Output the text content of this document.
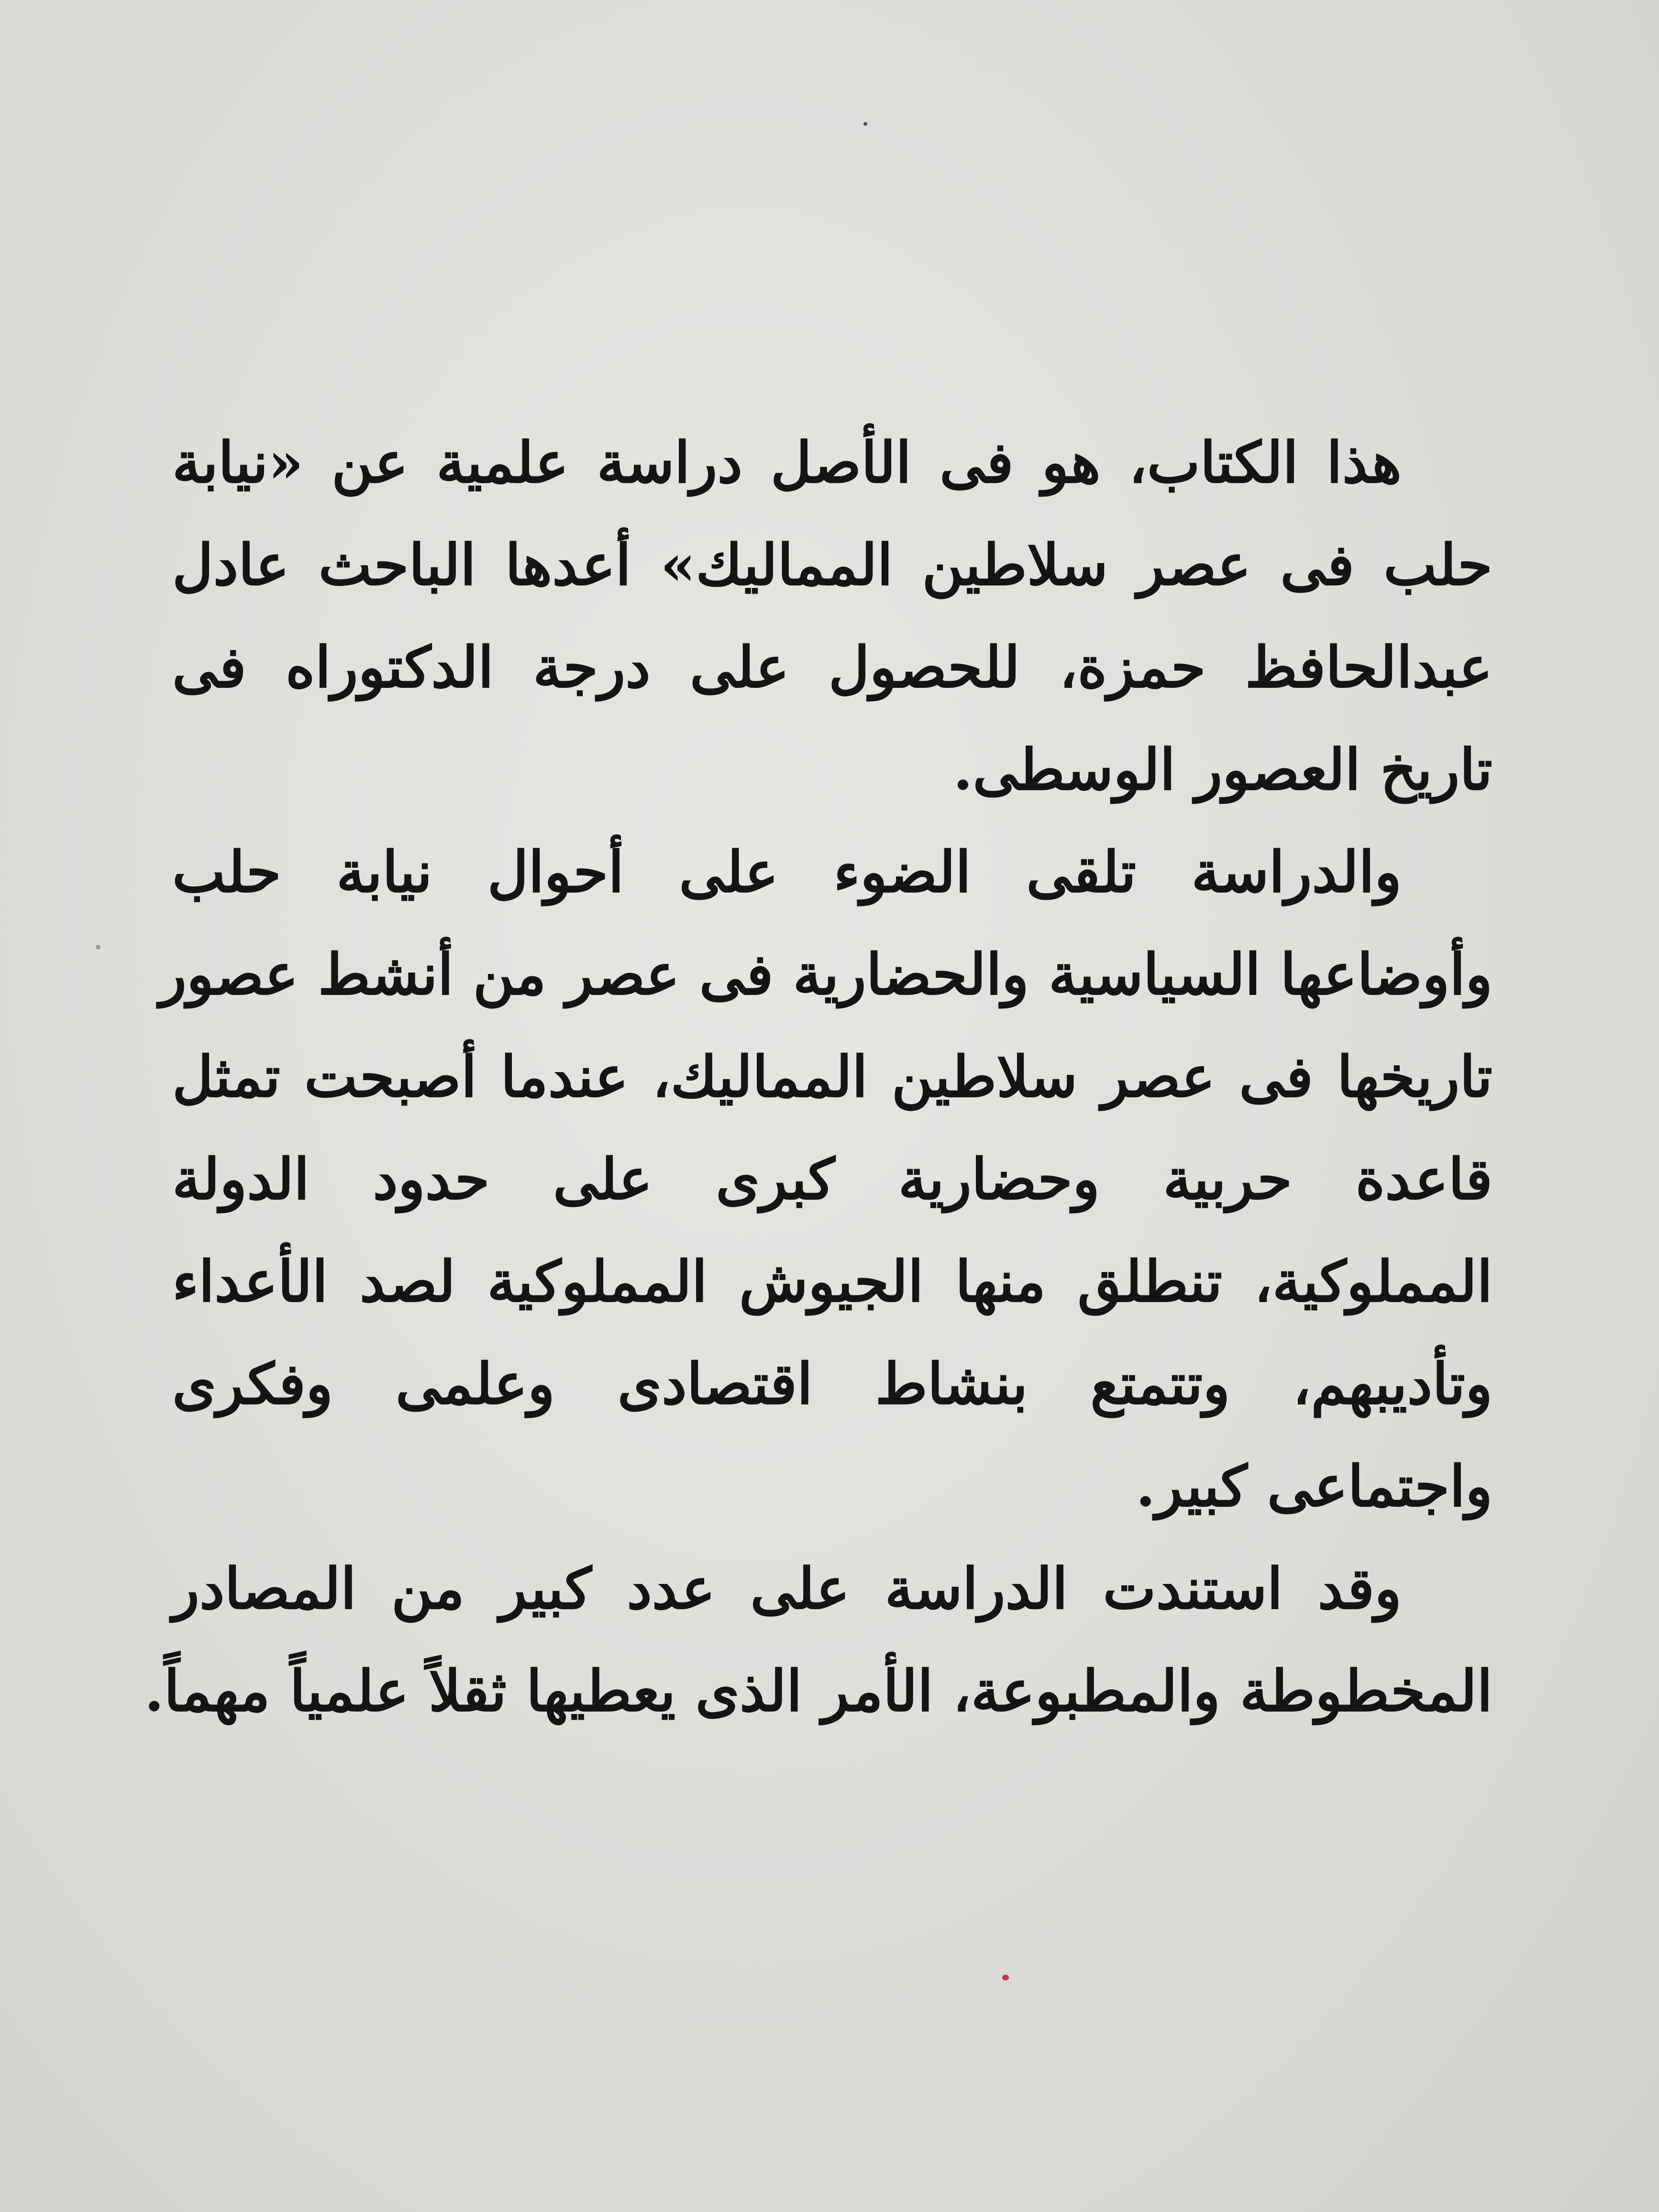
هذا الكتاب، هو فى الأصل دراسة علمية عن «نيابة
حلب فى عصر سلاطين المماليك» أعدها الباحث عادل
عبدالحافظ حمزة، للحصول على درجة الدكتوراه فى
تاريخ العصور الوسطى.
والدراسة تلقى الضوء على أحوال نيابة حلب
وأوضاعها السياسية والحضارية فى عصر من أنشط عصور
تاريخها فى عصر سلاطين المماليك، عندما أصبحت تمثل
قاعدة حربية وحضارية كبرى على حدود الدولة
المملوكية، تنطلق منها الجيوش المملوكية لصد الأعداء
وتأديبهم، وتتمتع بنشاط اقتصادى وعلمى وفكرى
واجتماعى كبير.
وقد استندت الدراسة على عدد كبير من المصادر
المخطوطة والمطبوعة، الأمر الذى يعطيها ثقلاً علمياً مهماً.
